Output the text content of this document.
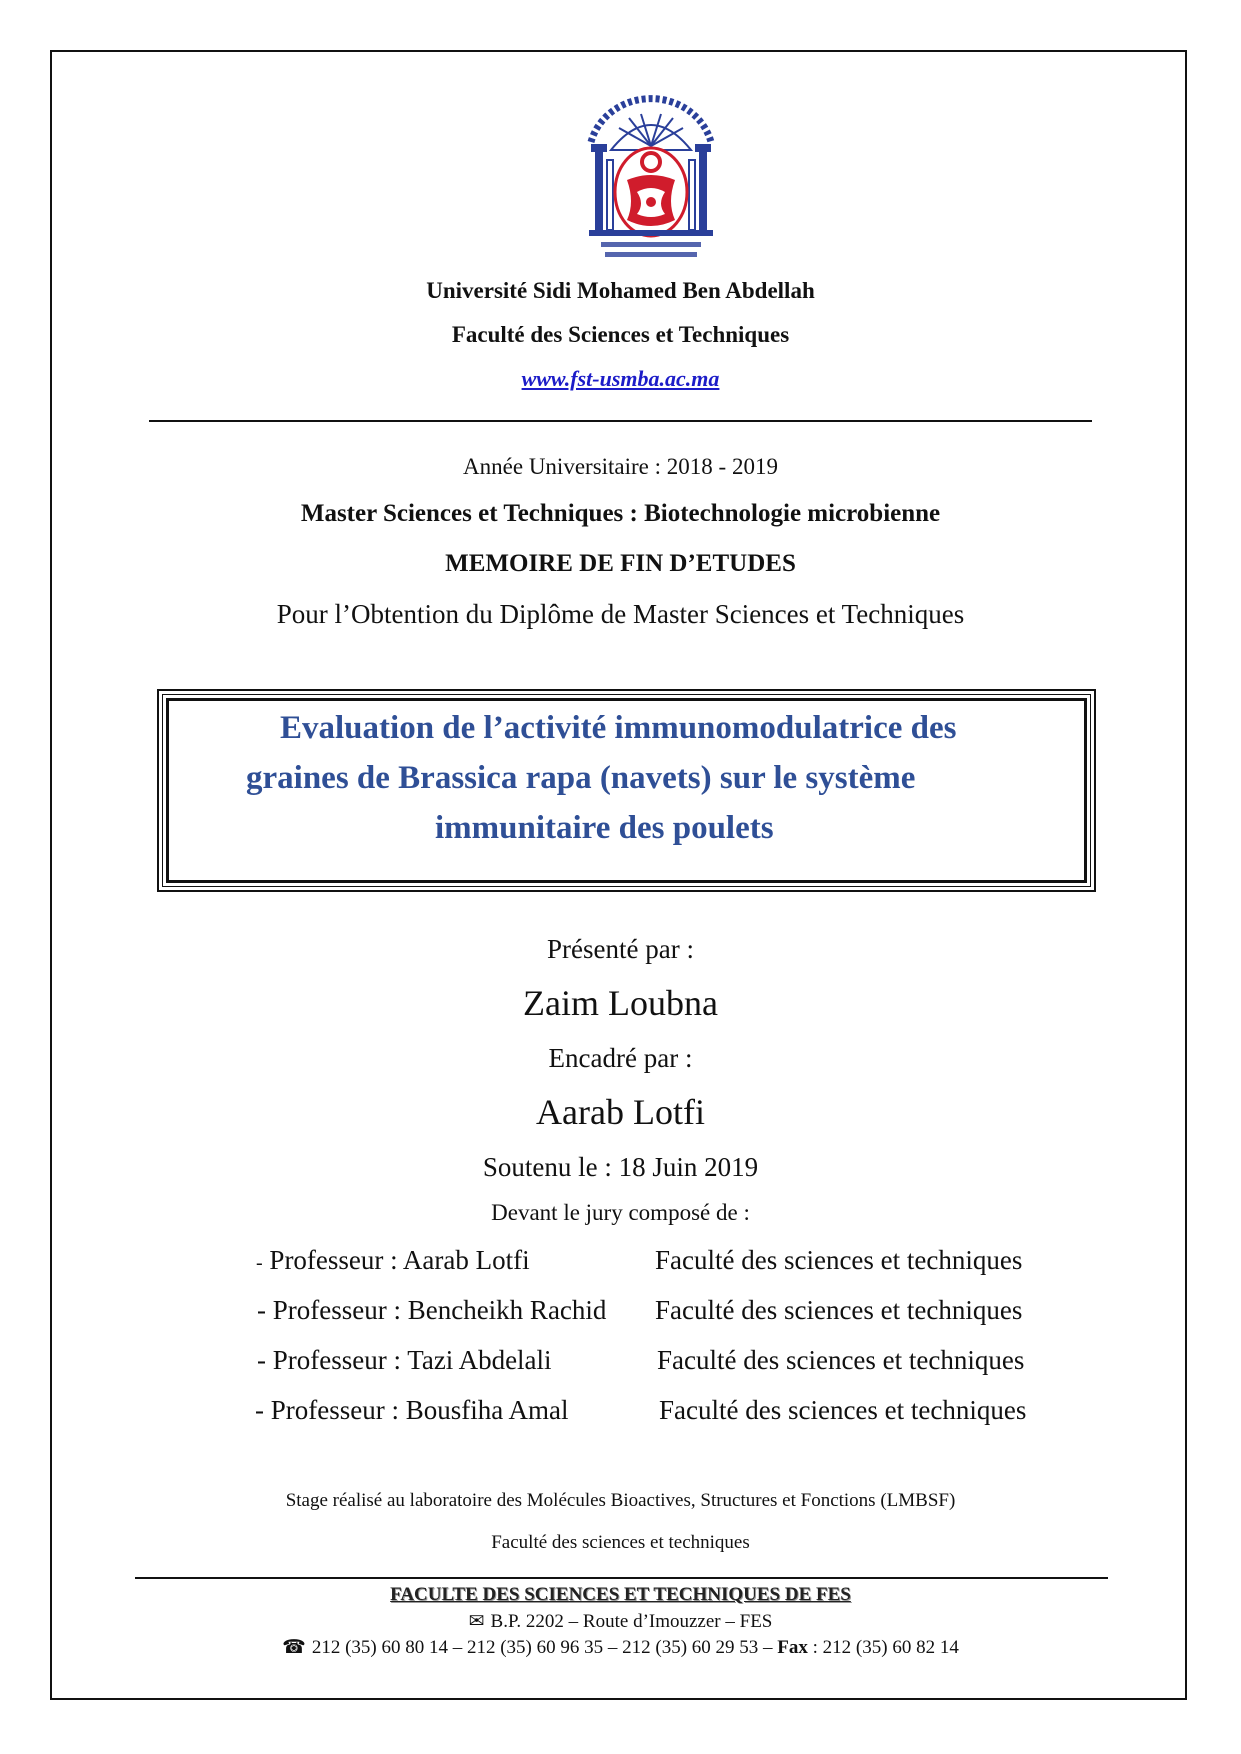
Université Sidi Mohamed Ben Abdellah
Faculté des Sciences et Techniques
www.fst-usmba.ac.ma
Année Universitaire : 2018 - 2019
Master Sciences et Techniques : Biotechnologie microbienne
MEMOIRE DE FIN D’ETUDES
Pour l’Obtention du Diplôme de Master Sciences et Techniques
Evaluation de l’activité immunomodulatrice des
graines de Brassica rapa (navets) sur le système
immunitaire des poulets
Présenté par :
Zaim Loubna
Encadré par :
Aarab Lotfi
Soutenu le : 18 Juin 2019
Devant le jury composé de :
- Professeur : Aarab Lotfi	Faculté des sciences et techniques
- Professeur : Bencheikh Rachid Faculté des sciences et techniques
- Professeur : Tazi Abdelali	Faculté des sciences et techniques
- Professeur : Bousfiha Amal	Faculté des sciences et techniques
Stage réalisé au laboratoire des Molécules Bioactives, Structures et Fonctions (LMBSF)
Faculté des sciences et techniques
FACULTE DES SCIENCES ET TECHNIQUES DE FES
✉ B.P. 2202 – Route d’Imouzzer – FES
☎ 212 (35) 60 80 14 – 212 (35) 60 96 35 – 212 (35) 60 29 53 – Fax : 212 (35) 60 82 14
